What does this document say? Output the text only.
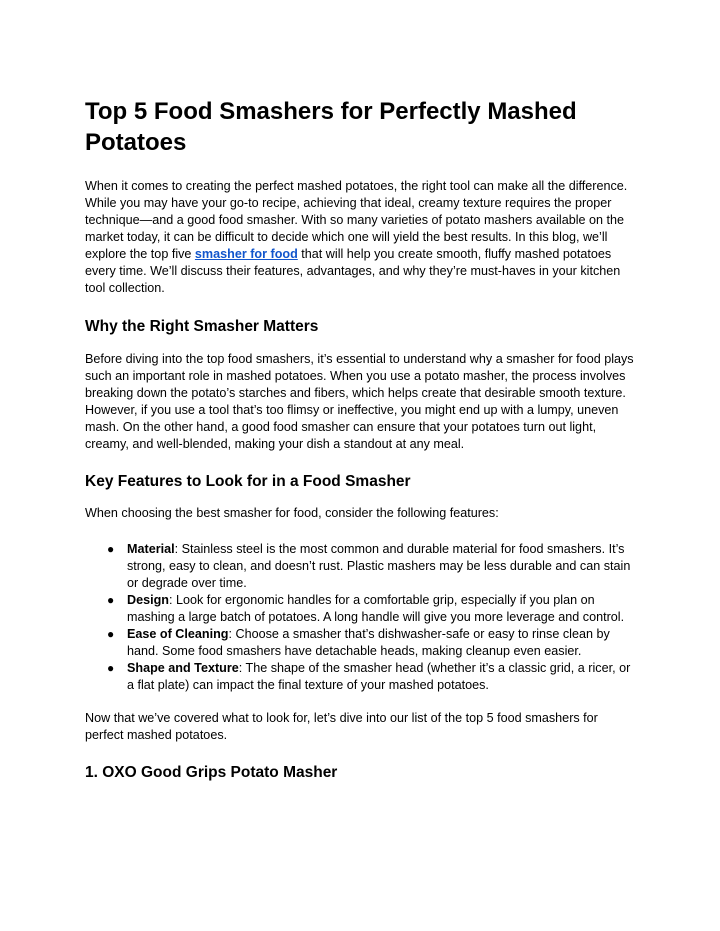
Top 5 Food Smashers for Perfectly Mashed Potatoes

When it comes to creating the perfect mashed potatoes, the right tool can make all the difference. While you may have your go-to recipe, achieving that ideal, creamy texture requires the proper technique—and a good food smasher. With so many varieties of potato mashers available on the market today, it can be difficult to decide which one will yield the best results. In this blog, we’ll explore the top five smasher for food that will help you create smooth, fluffy mashed potatoes every time. We’ll discuss their features, advantages, and why they’re must-haves in your kitchen tool collection.

Why the Right Smasher Matters

Before diving into the top food smashers, it’s essential to understand why a smasher for food plays such an important role in mashed potatoes. When you use a potato masher, the process involves breaking down the potato’s starches and fibers, which helps create that desirable smooth texture. However, if you use a tool that’s too flimsy or ineffective, you might end up with a lumpy, uneven mash. On the other hand, a good food smasher can ensure that your potatoes turn out light, creamy, and well-blended, making your dish a standout at any meal.

Key Features to Look for in a Food Smasher

When choosing the best smasher for food, consider the following features:

● Material: Stainless steel is the most common and durable material for food smashers. It’s strong, easy to clean, and doesn’t rust. Plastic mashers may be less durable and can stain or degrade over time.
● Design: Look for ergonomic handles for a comfortable grip, especially if you plan on mashing a large batch of potatoes. A long handle will give you more leverage and control.
● Ease of Cleaning: Choose a smasher that’s dishwasher-safe or easy to rinse clean by hand. Some food smashers have detachable heads, making cleanup even easier.
● Shape and Texture: The shape of the smasher head (whether it’s a classic grid, a ricer, or a flat plate) can impact the final texture of your mashed potatoes.

Now that we’ve covered what to look for, let’s dive into our list of the top 5 food smashers for perfect mashed potatoes.

1. OXO Good Grips Potato Masher
